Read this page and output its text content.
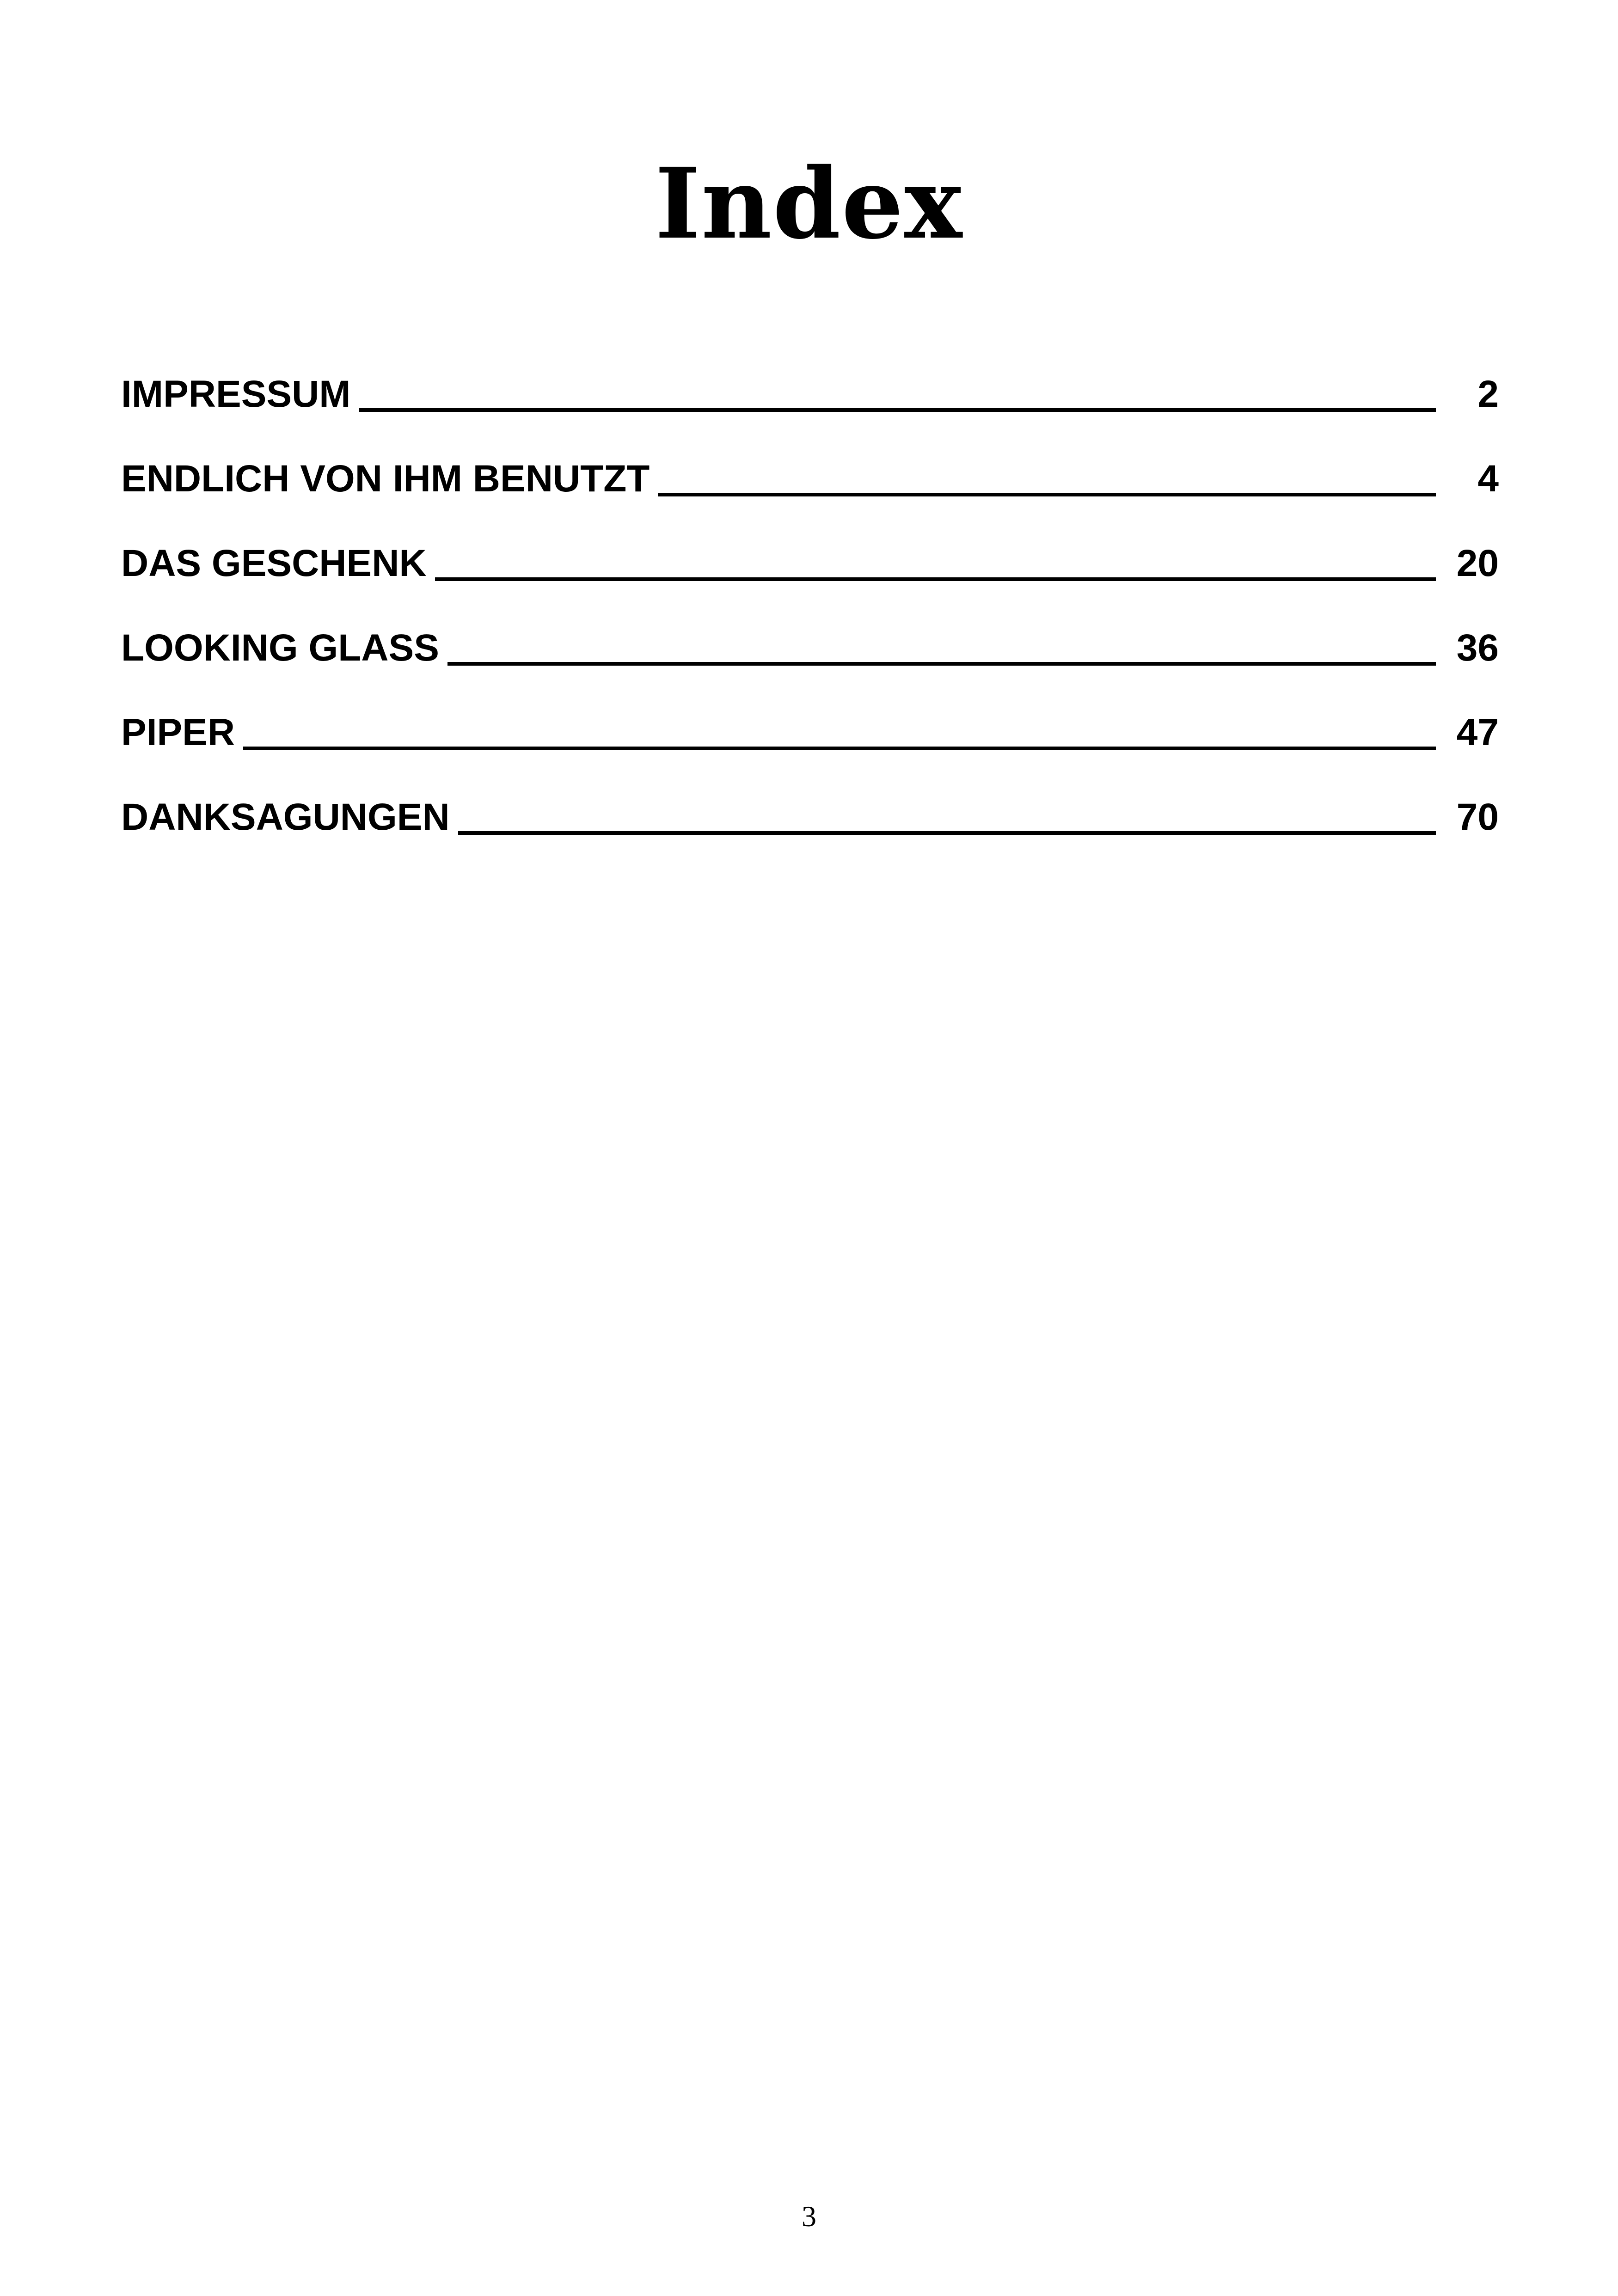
Index
IMPRESSUM	2
ENDLICH VON IHM BENUTZT	4
DAS GESCHENK	20
LOOKING GLASS	36
PIPER	47
DANKSAGUNGEN	70
3
